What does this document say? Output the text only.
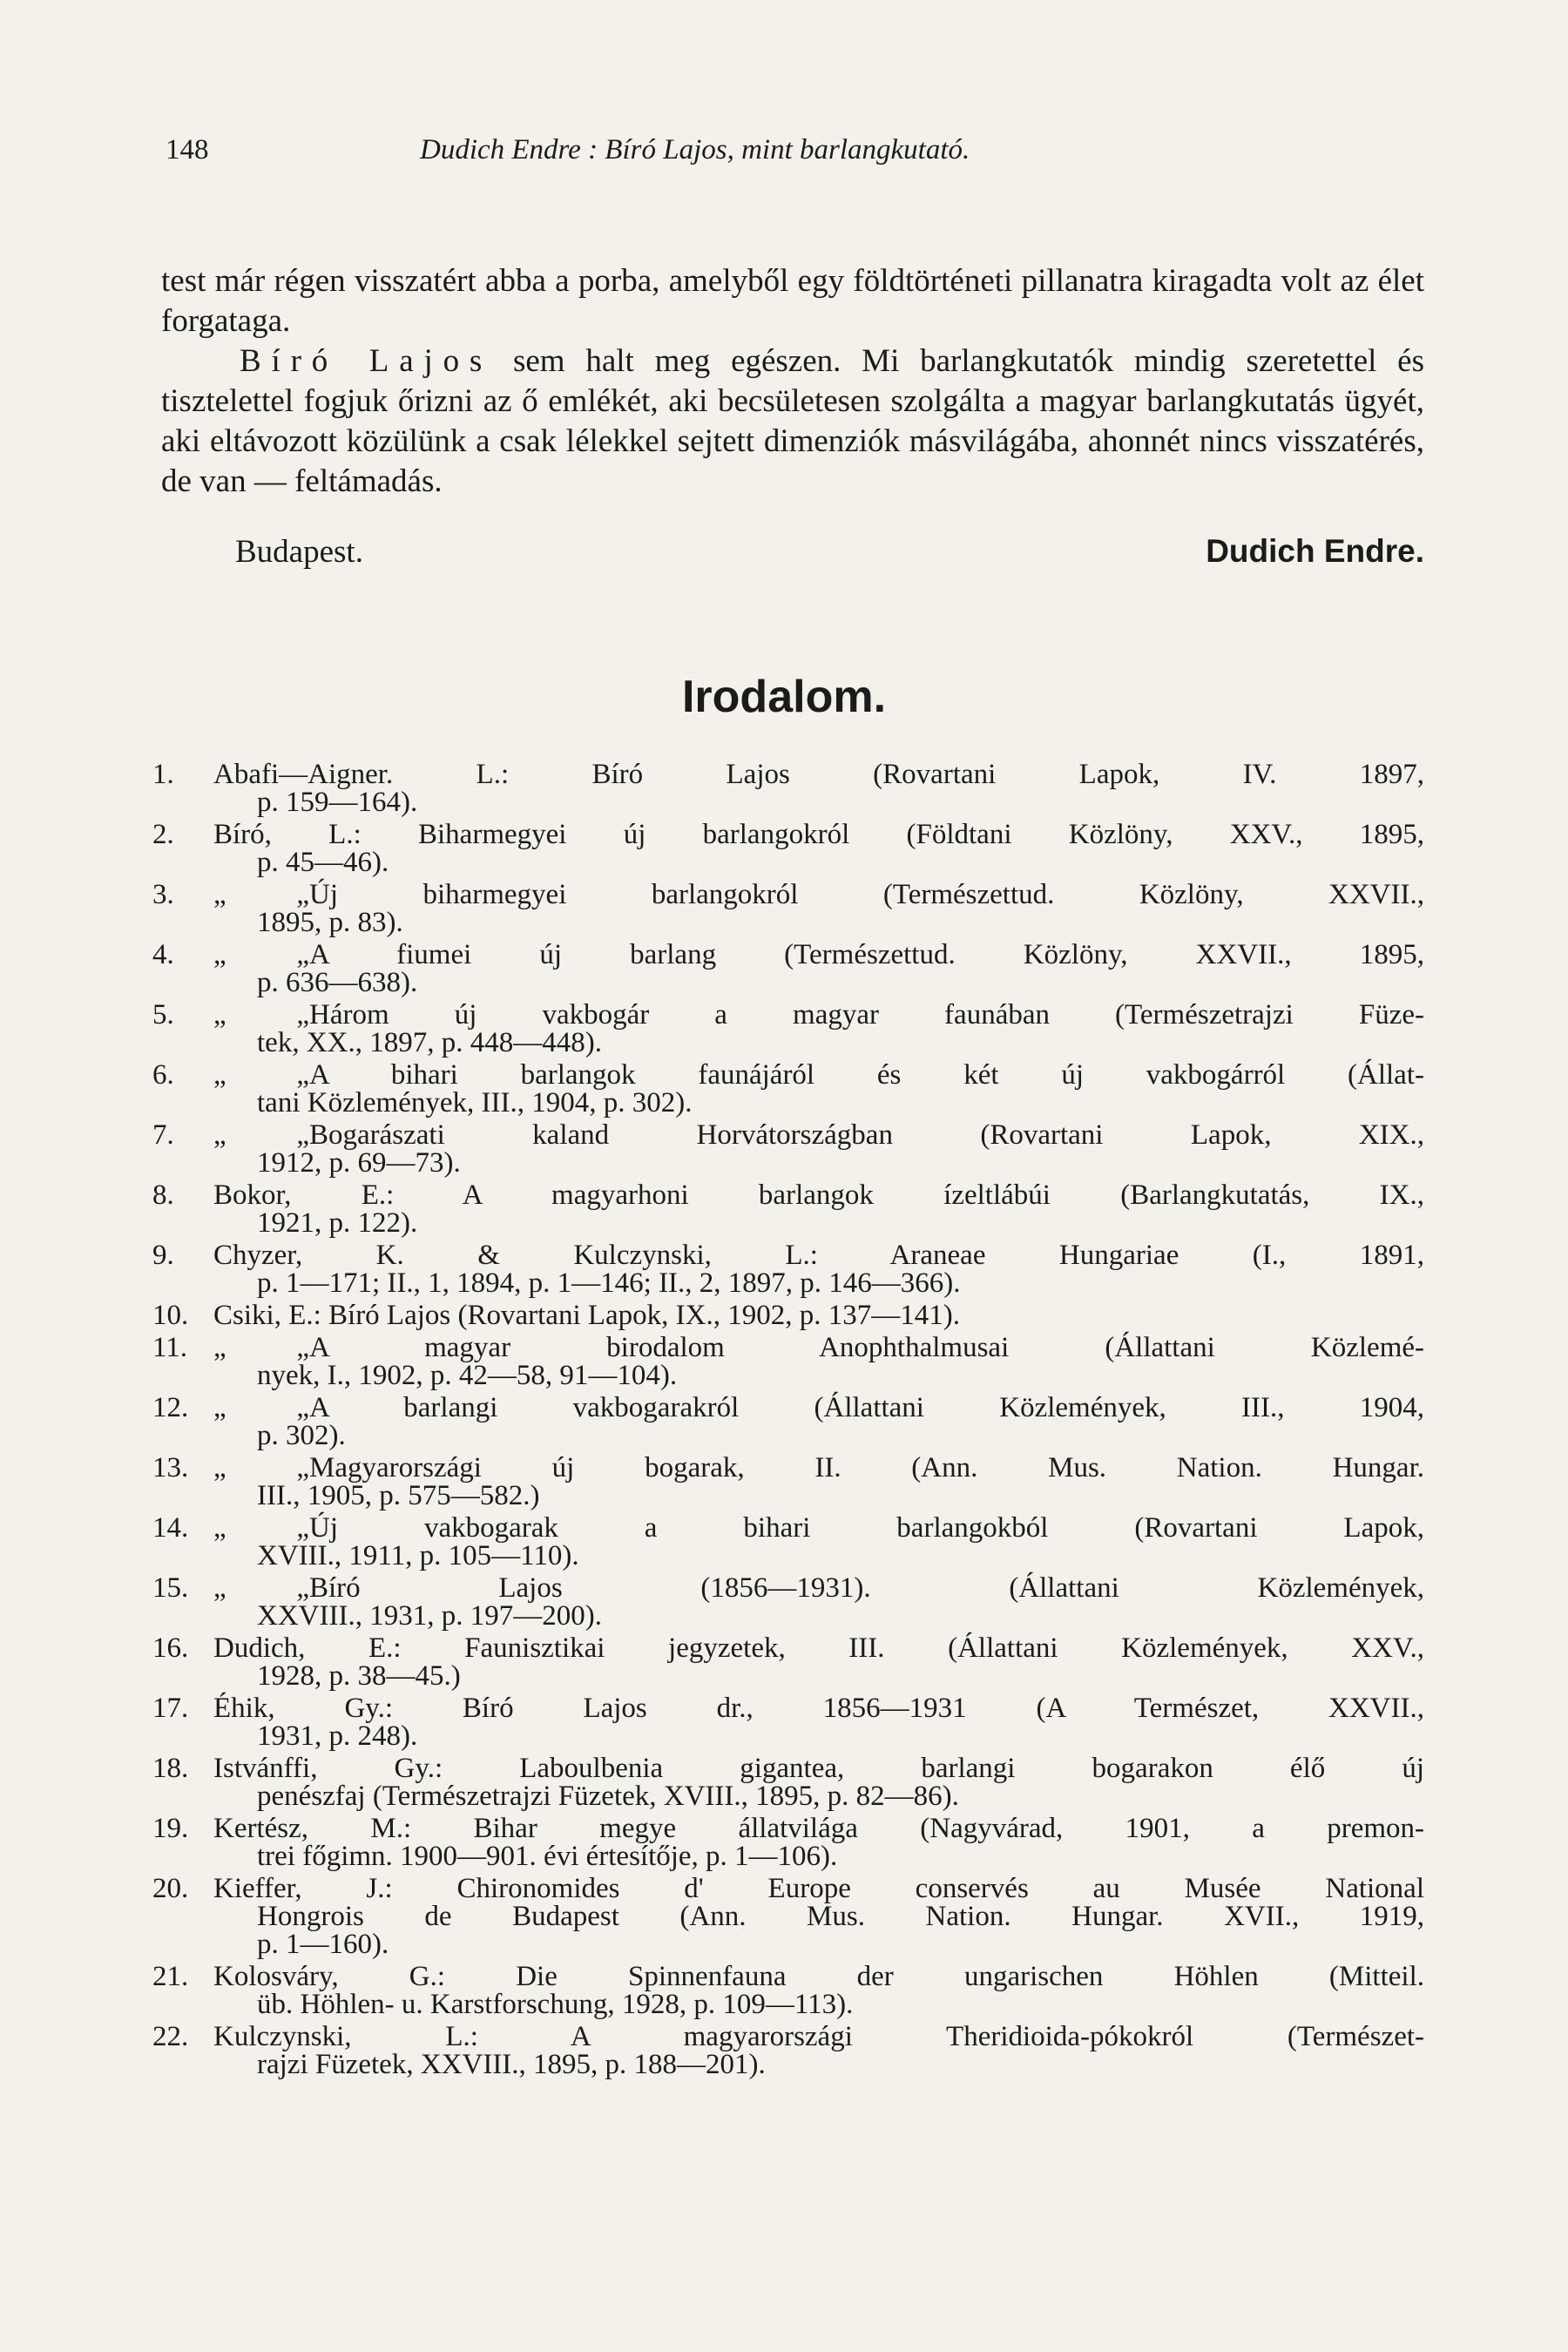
148	Dudich Endre : Bíró Lajos, mint barlangkutató.

test már régen visszatért abba a porba, amelyből egy földtörténeti pillanatra kiragadta volt az élet forgataga.

Bíró Lajos sem halt meg egészen. Mi barlangkutatók mindig szeretettel és tisztelettel fogjuk őrizni az ő emlékét, aki becsületesen szolgálta a magyar barlangkutatás ügyét, aki eltávozott közülünk a csak lélekkel sejtett dimenziók másvilágába, ahonnét nincs visszatérés, de van — feltámadás.

Budapest.	Dudich Endre.
Irodalom.
1.	Abafi—Aigner. L.: Bíró Lajos (Rovartani Lapok, IV. 1897,
p. 159—164).
2.	Bíró, L.: Biharmegyei új barlangokról (Földtani Közlöny, XXV., 1895,
p. 45—46).
3.	„ „Új biharmegyei barlangokról (Természettud. Közlöny, XXVII.,
1895, p. 83).
4.	„ „A fiumei új barlang (Természettud. Közlöny, XXVII., 1895,
p. 636—638).
5.	„ „Három új vakbogár a magyar faunában (Természetrajzi Füze-
tek, XX., 1897, p. 448—448).
6.	„ „A bihari barlangok faunájáról és két új vakbogárról (Állat-
tani Közlemények, III., 1904, p. 302).
7.	„ „Bogarászati kaland Horvátországban (Rovartani Lapok, XIX.,
1912, p. 69—73).
8.	Bokor, E.: A magyarhoni barlangok ízeltlábúi (Barlangkutatás, IX.,
1921, p. 122).
9.	Chyzer, K. & Kulczynski, L.: Araneae Hungariae (I., 1891,
p. 1—171; II., 1, 1894, p. 1—146; II., 2, 1897, p. 146—366).
10. Csiki, E.: Bíró Lajos (Rovartani Lapok, IX., 1902, p. 137—141).
11. „ „A magyar birodalom Anophthalmusai (Állattani Közlemé-
nyek, I., 1902, p. 42—58, 91—104).
12. „ „A barlangi vakbogarakról (Állattani Közlemények, III., 1904,
p. 302).
13. „ „Magyarországi új bogarak, II. (Ann. Mus. Nation. Hungar.
III., 1905, p. 575—582.)
14. „ „Új vakbogarak a bihari barlangokból (Rovartani Lapok,
XVIII., 1911, p. 105—110).
15. „ „Bíró Lajos (1856—1931). (Állattani Közlemények,
XXVIII., 1931, p. 197—200).
16. Dudich, E.: Faunisztikai jegyzetek, III. (Állattani Közlemények, XXV.,
1928, p. 38—45.)
17. Éhik, Gy.: Bíró Lajos dr., 1856—1931 (A Természet, XXVII.,
1931, p. 248).
18. Istvánffi, Gy.: Laboulbenia gigantea, barlangi bogarakon élő új
penészfaj (Természetrajzi Füzetek, XVIII., 1895, p. 82—86).
19. Kertész, M.: Bihar megye állatvilága (Nagyvárad, 1901, a premon-
trei főgimn. 1900—901. évi értesítője, p. 1—106).
20. Kieffer, J.: Chironomides d' Europe conservés au Musée National
Hongrois de Budapest (Ann. Mus. Nation. Hungar. XVII., 1919,
p. 1—160).
21. Kolosváry, G.: Die Spinnenfauna der ungarischen Höhlen (Mitteil.
üb. Höhlen- u. Karstforschung, 1928, p. 109—113).
22. Kulczynski, L.: A magyarországi Theridioida-pókokról (Természet-
rajzi Füzetek, XXVIII., 1895, p. 188—201).
